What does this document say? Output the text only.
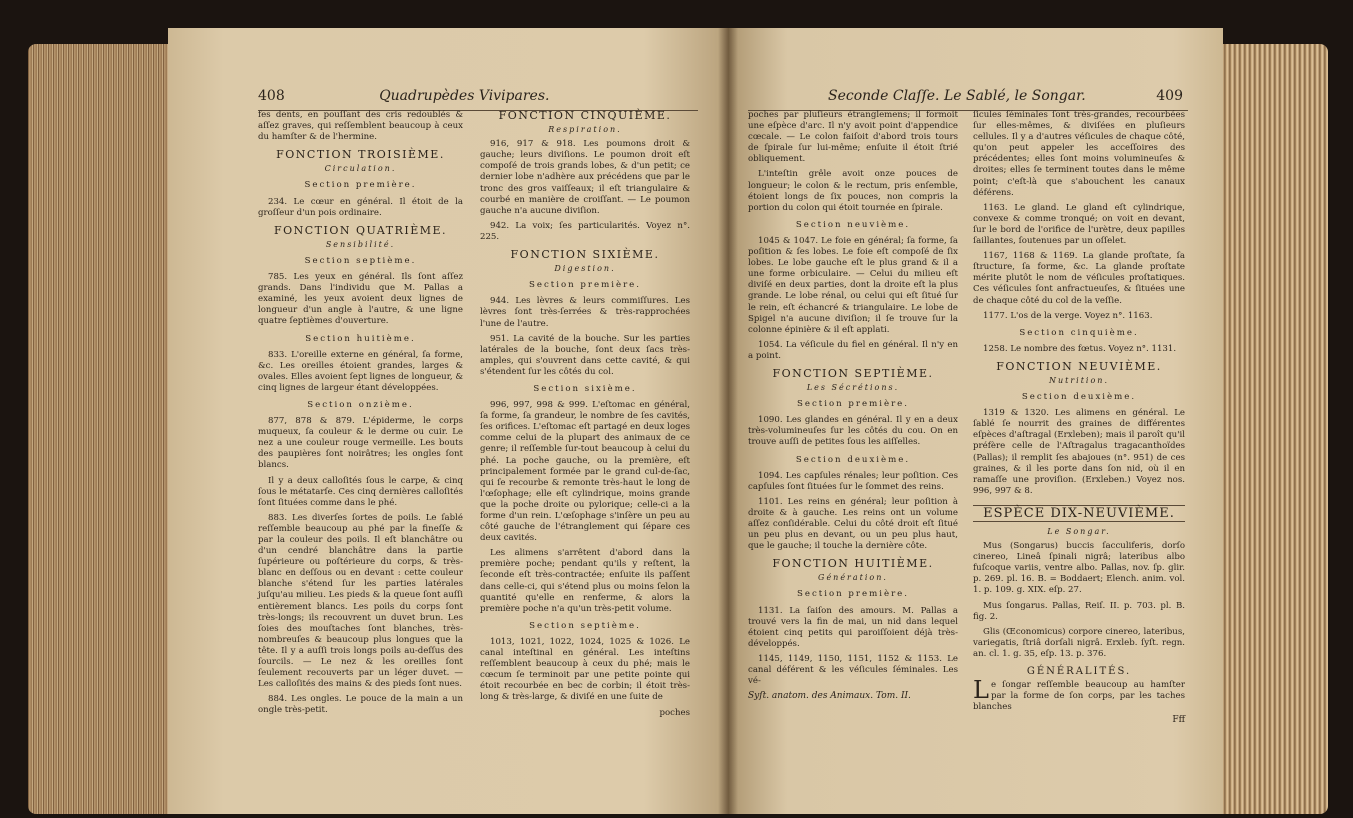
408	Quadrupèdes Vivipares.

fes dents, en pouſſant des cris redoublés & aſſez graves, qui reſſemblent beaucoup à ceux du hamſter & de l'hermine.

FONCTION TROISIÈME.
Circulation.
Section première.

234. Le cœur en général. Il étoit de la groſſeur d'un pois ordinaire.

FONCTION QUATRIÈME.
Sensibilité.
Section septième.

785. Les yeux en général. Ils ſont aſſez grands. Dans l'individu que M. Pallas a examiné, les yeux avoient deux lignes de longueur d'un angle à l'autre, & une ligne quatre ſeptièmes d'ouverture.

Section huitième.

833. L'oreille externe en général, ſa forme, &c. Les oreilles étoient grandes, larges & ovales. Elles avoient ſept lignes de longueur, & cinq lignes de largeur étant développées.

Section onzième.

877, 878 & 879. L'épiderme, le corps muqueux, ſa couleur & le derme ou cuir. Le nez a une couleur rouge vermeille. Les bouts des paupières ſont noirâtres; les ongles ſont blancs.

Il y a deux calloſités ſous le carpe, & cinq ſous le métatarſe. Ces cinq dernières calloſités ſont ſituées comme dans le phé.

883. Les diverſes ſortes de poils. Le ſablé reſſemble beaucoup au phé par la fineſſe & par la couleur des poils. Il eſt blanchâtre ou d'un cendré blanchâtre dans la partie ſupérieure ou poſtérieure du corps, & très-blanc en deſſous ou en devant : cette couleur blanche s'étend ſur les parties latérales juſqu'au milieu. Les pieds & la queue ſont auſſi entièrement blancs. Les poils du corps ſont très-longs; ils recouvrent un duvet brun. Les ſoies des mouſtaches ſont blanches, très-nombreuſes & beaucoup plus longues que la tête. Il y a auſſi trois longs poils au-deſſus des ſourcils. — Le nez & les oreilles ſont ſeulement recouverts par un léger duvet. — Les calloſités des mains & des pieds ſont nues.

884. Les ongles. Le pouce de la main a un ongle très-petit.

FONCTION CINQUIÈME.
Respiration.

916, 917 & 918. Les poumons droit & gauche; leurs diviſions. Le poumon droit eſt compoſé de trois grands lobes, & d'un petit; ce dernier lobe n'adhère aux précédens que par le tronc des gros vaiſſeaux; il eſt triangulaire & courbé en manière de croiſſant. — Le poumon gauche n'a aucune diviſion.

942. La voix; ſes particularités. Voyez n°. 225.

FONCTION SIXIÈME.
Digestion.
Section première.

944. Les lèvres & leurs commiſſures. Les lèvres ſont très-ſerrées & très-rapprochées l'une de l'autre.

951. La cavité de la bouche. Sur les parties latérales de la bouche, ſont deux ſacs très-amples, qui s'ouvrent dans cette cavité, & qui s'étendent ſur les côtés du col.

Section sixième.

996, 997, 998 & 999. L'eſtomac en général, ſa forme, ſa grandeur, le nombre de ſes cavités, ſes orifices. L'eſtomac eſt partagé en deux loges comme celui de la plupart des animaux de ce genre; il reſſemble ſur-tout beaucoup à celui du phé. La poche gauche, ou la première, eſt principalement formée par le grand cul-de-ſac, qui ſe recourbe & remonte très-haut le long de l'œſophage; elle eſt cylindrique, moins grande que la poche droite ou pylorique; celle-ci a la forme d'un rein. L'œſophage s'inſère un peu au côté gauche de l'étranglement qui ſépare ces deux cavités.

Les alimens s'arrêtent d'abord dans la première poche; pendant qu'ils y reſtent, la ſeconde eſt très-contractée; enſuite ils paſſent dans celle-ci, qui s'étend plus ou moins ſelon la quantité qu'elle en renferme, & alors la première poche n'a qu'un très-petit volume.

Section septième.

1013, 1021, 1022, 1024, 1025 & 1026. Le canal inteſtinal en général. Les inteſtins reſſemblent beaucoup à ceux du phé; mais le cœcum ſe terminoit par une petite pointe qui étoit recourbée en bec de corbin; il étoit très-long & très-large, & diviſé en une ſuite de

poches
Seconde Claſſe. Le Sablé, le Songar.	409

poches par pluſieurs étranglemens; il formoit une eſpèce d'arc. Il n'y avoit point d'appendice cœcale. — Le colon faiſoit d'abord trois tours de ſpirale ſur lui-même; enſuite il étoit ſtrié obliquement.

L'inteſtin grêle avoit onze pouces de longueur; le colon & le rectum, pris enſemble, étoient longs de ſix pouces, non compris la portion du colon qui étoit tournée en ſpirale.

Section neuvième.

1045 & 1047. Le foie en général; ſa forme, ſa poſition & ſes lobes. Le foie eſt compoſé de ſix lobes. Le lobe gauche eſt le plus grand & il a une forme orbiculaire. — Celui du milieu eſt diviſé en deux parties, dont la droite eſt la plus grande. Le lobe rénal, ou celui qui eſt ſitué ſur le rein, eſt échancré & triangulaire. Le lobe de Spigel n'a aucune diviſion; il ſe trouve ſur la colonne épinière & il eſt applati.

1054. La véſicule du fiel en général. Il n'y en a point.

FONCTION SEPTIÈME.
Les Sécrétions.
Section première.

1090. Les glandes en général. Il y en a deux très-volumineuſes ſur les côtés du cou. On en trouve auſſi de petites ſous les aiſſelles.

Section deuxième.

1094. Les capſules rénales; leur poſition. Ces capſules ſont ſituées ſur le ſommet des reins.

1101. Les reins en général; leur poſition à droite & à gauche. Les reins ont un volume aſſez conſidérable. Celui du côté droit eſt ſitué un peu plus en devant, ou un peu plus haut, que le gauche; il touche la dernière côte.

FONCTION HUITIÈME.
Génération.
Section première.

1131. La ſaiſon des amours. M. Pallas a trouvé vers la fin de mai, un nid dans lequel étoient cinq petits qui paroiſſoient déjà très-développés.

1145, 1149, 1150, 1151, 1152 & 1153. Le canal déférent & les véſicules ſéminales. Les vé-

Syſt. anatom. des Animaux. Tom. II.

ſicules ſéminales ſont très-grandes, recourbées ſur elles-mêmes, & diviſées en pluſieurs cellules. Il y a d'autres véſicules de chaque côté, qu'on peut appeler les acceſſoires des précédentes; elles ſont moins volumineuſes & droites; elles ſe terminent toutes dans le même point; c'eſt-là que s'abouchent les canaux déférens.

1163. Le gland. Le gland eſt cylindrique, convexe & comme tronqué; on voit en devant, ſur le bord de l'orifice de l'urètre, deux papilles ſaillantes, ſoutenues par un oſſelet.

1167, 1168 & 1169. La glande proſtate, ſa ſtructure, ſa forme, &c. La glande proſtate mérite plutôt le nom de véſicules proſtatiques. Ces véſicules ſont anfractueuſes, & ſituées une de chaque côté du col de la veſſie.

1177. L'os de la verge. Voyez n°. 1163.

Section cinquième.

1258. Le nombre des fœtus. Voyez n°. 1131.

FONCTION NEUVIÈME.
Nutrition.
Section deuxième.

1319 & 1320. Les alimens en général. Le ſablé ſe nourrit des graines de différentes eſpèces d'aſtragal (Erxleben); mais il paroît qu'il préfère celle de l'Aſtragalus tragacanthoïdes (Pallas); il remplit ſes abajoues (n°. 951) de ces graines, & il les porte dans ſon nid, où il en ramaſſe une proviſion. (Erxleben.) Voyez nos. 996, 997 & 8.

ESPÈCE DIX-NEUVIÈME.
Le Songar.

Mus (Songarus) buccis ſacculiferis, dorſo cinereo, Lineâ ſpinali nigrâ; lateribus albo fuſcoque variis, ventre albo. Pallas, nov. ſp. glir. p. 269. pl. 16. B. = Boddaert; Elench. anim. vol. 1. p. 109. g. XIX. eſp. 27.

Mus ſongarus. Pallas, Reiſ. II. p. 703. pl. B. fig. 2.

Glis (Œconomicus) corpore cinereo, lateribus, variegatis, ſtriâ dorſali nigrâ. Erxleb. ſyſt. regn. an. cl. 1. g. 35, eſp. 13. p. 376.

GÉNÉRALITÉS.

Le ſongar reſſemble beaucoup au hamſter par la forme de ſon corps, par les taches blanches

Fff
